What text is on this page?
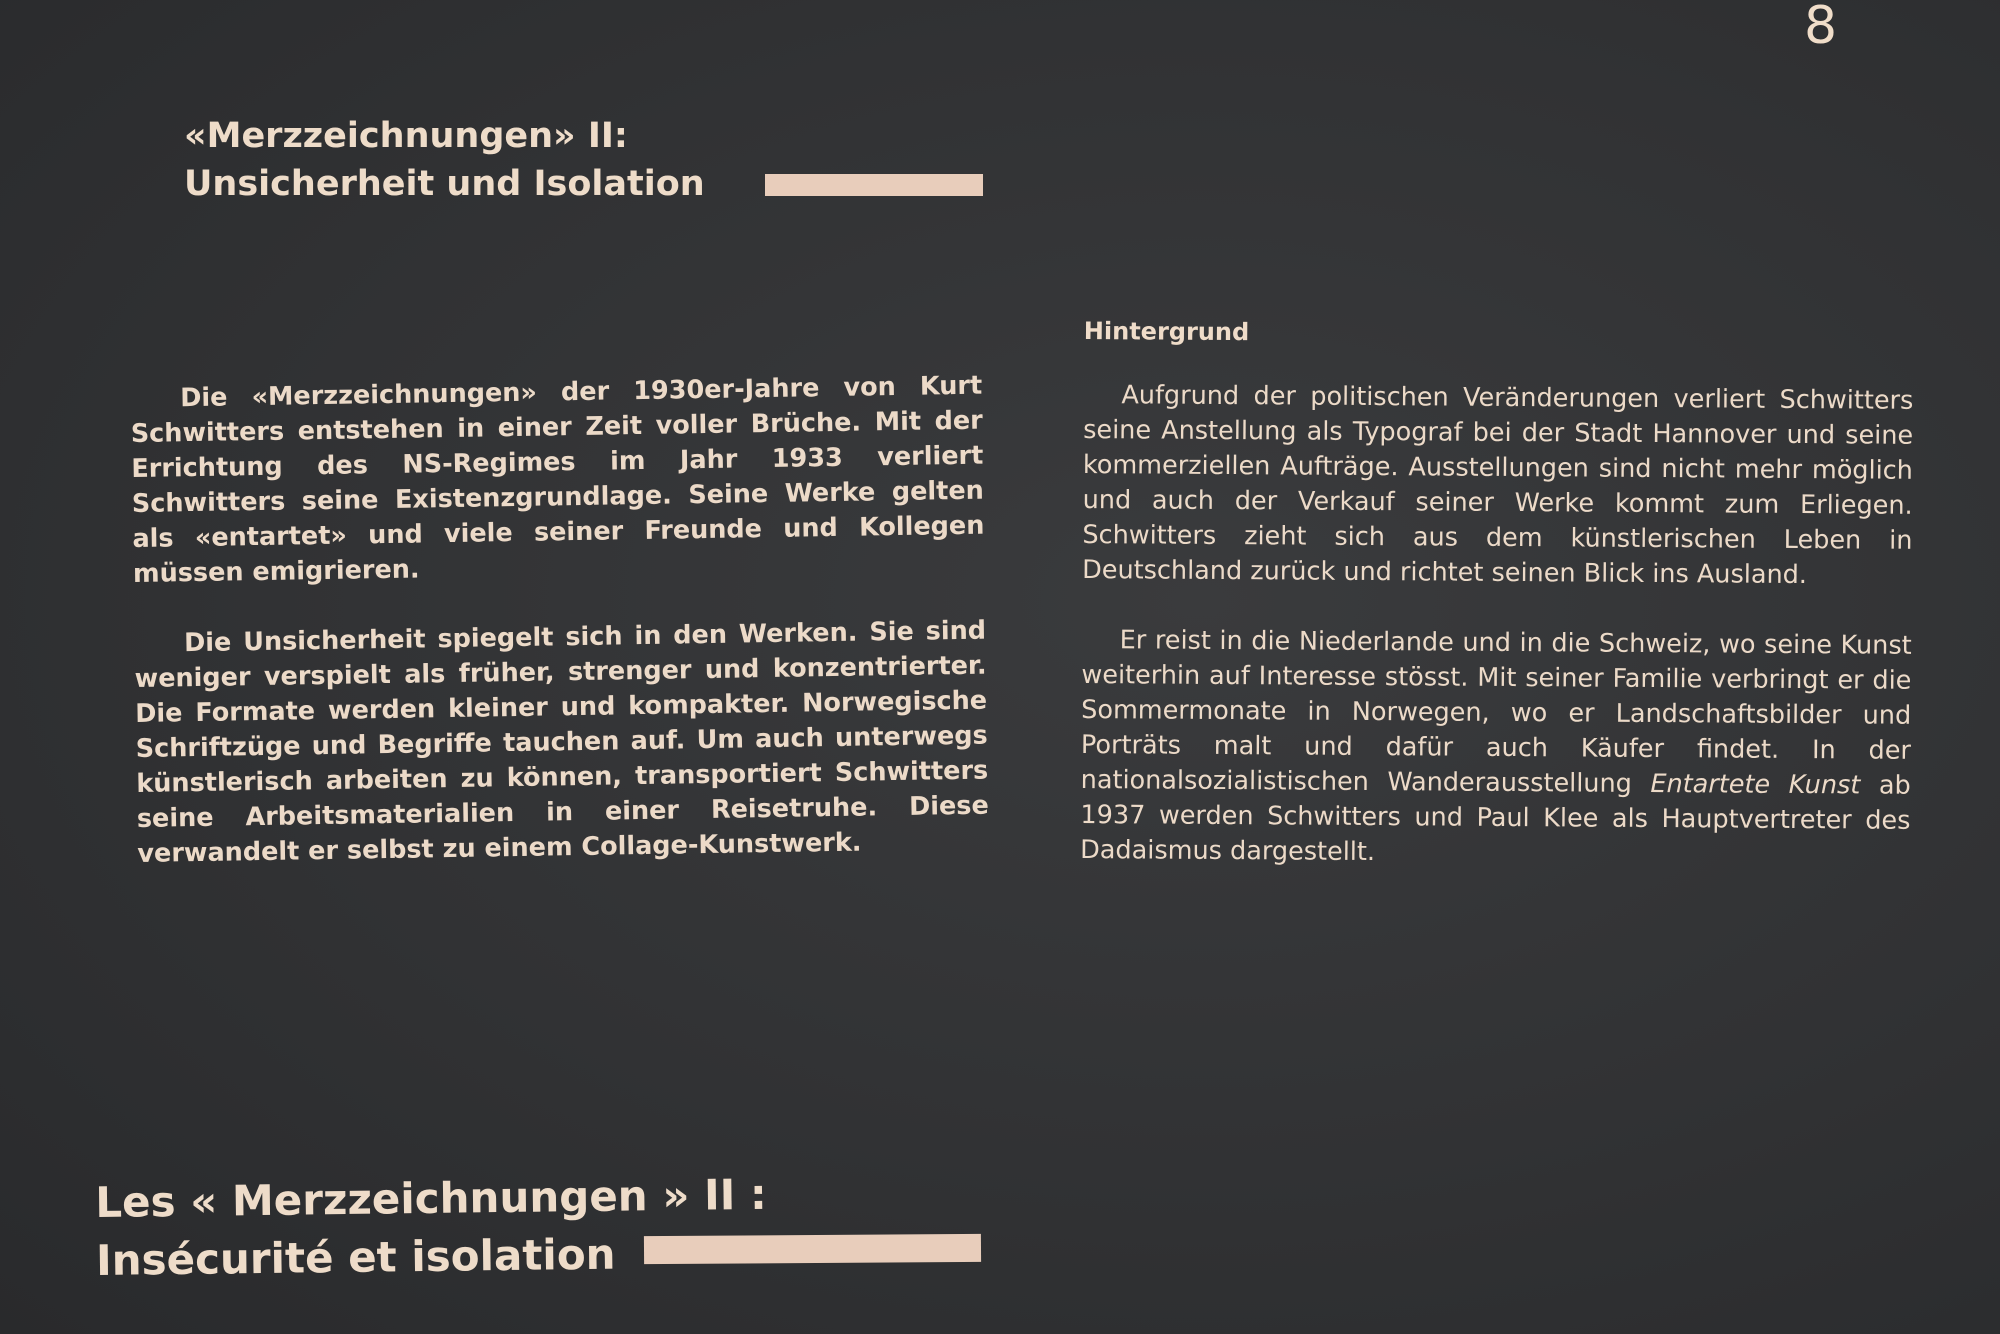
8
«Merzzeichnungen» II:
Unsicherheit und Isolation

Die «Merzzeichnungen» der 1930er-Jahre von Kurt Schwitters entstehen in einer Zeit voller Brüche. Mit der Errichtung des NS-Regimes im Jahr 1933 verliert Schwitters seine Existenzgrundlage. Seine Werke gelten als «entartet» und viele seiner Freunde und Kollegen müssen emigrieren.

Die Unsicherheit spiegelt sich in den Werken. Sie sind weniger verspielt als früher, strenger und konzentrierter. Die Formate werden kleiner und kompakter. Norwegische Schriftzüge und Begriffe tauchen auf. Um auch unterwegs künstlerisch arbeiten zu können, transportiert Schwitters seine Arbeitsmaterialien in einer Reisetruhe. Diese verwandelt er selbst zu einem Collage-Kunstwerk.

Hintergrund

Aufgrund der politischen Veränderungen verliert Schwitters seine Anstellung als Typograf bei der Stadt Hannover und seine kommerziellen Aufträge. Ausstellungen sind nicht mehr möglich und auch der Verkauf seiner Werke kommt zum Erliegen. Schwitters zieht sich aus dem künstlerischen Leben in Deutschland zurück und richtet seinen Blick ins Ausland.

Er reist in die Niederlande und in die Schweiz, wo seine Kunst weiterhin auf Interesse stösst. Mit seiner Familie verbringt er die Sommermonate in Norwegen, wo er Landschaftsbilder und Porträts malt und dafür auch Käufer findet. In der nationalsozialistischen Wanderausstellung Entartete Kunst ab 1937 werden Schwitters und Paul Klee als Hauptvertreter des Dadaismus dargestellt.

Les « Merzzeichnungen » II :
Insécurité et isolation
